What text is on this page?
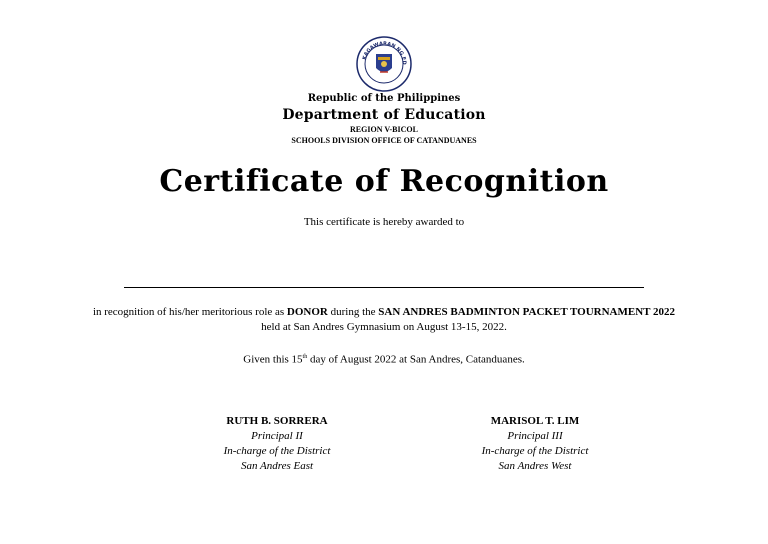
KAGAWARAN NG ED
Republic of the Philippines
Department of Education
REGION V-BICOL
SCHOOLS DIVISION OFFICE OF CATANDUANES
Certificate of Recognition
This certificate is hereby awarded to
in recognition of his/her meritorious role as DONOR during the SAN ANDRES BADMINTON PACKET TOURNAMENT 2022
held at San Andres Gymnasium on August 13-15, 2022.
Given this 15th day of August 2022 at San Andres, Catanduanes.
RUTH B. SORRERA
Principal II
In-charge of the District
San Andres East
MARISOL T. LIM
Principal III
In-charge of the District
San Andres West
